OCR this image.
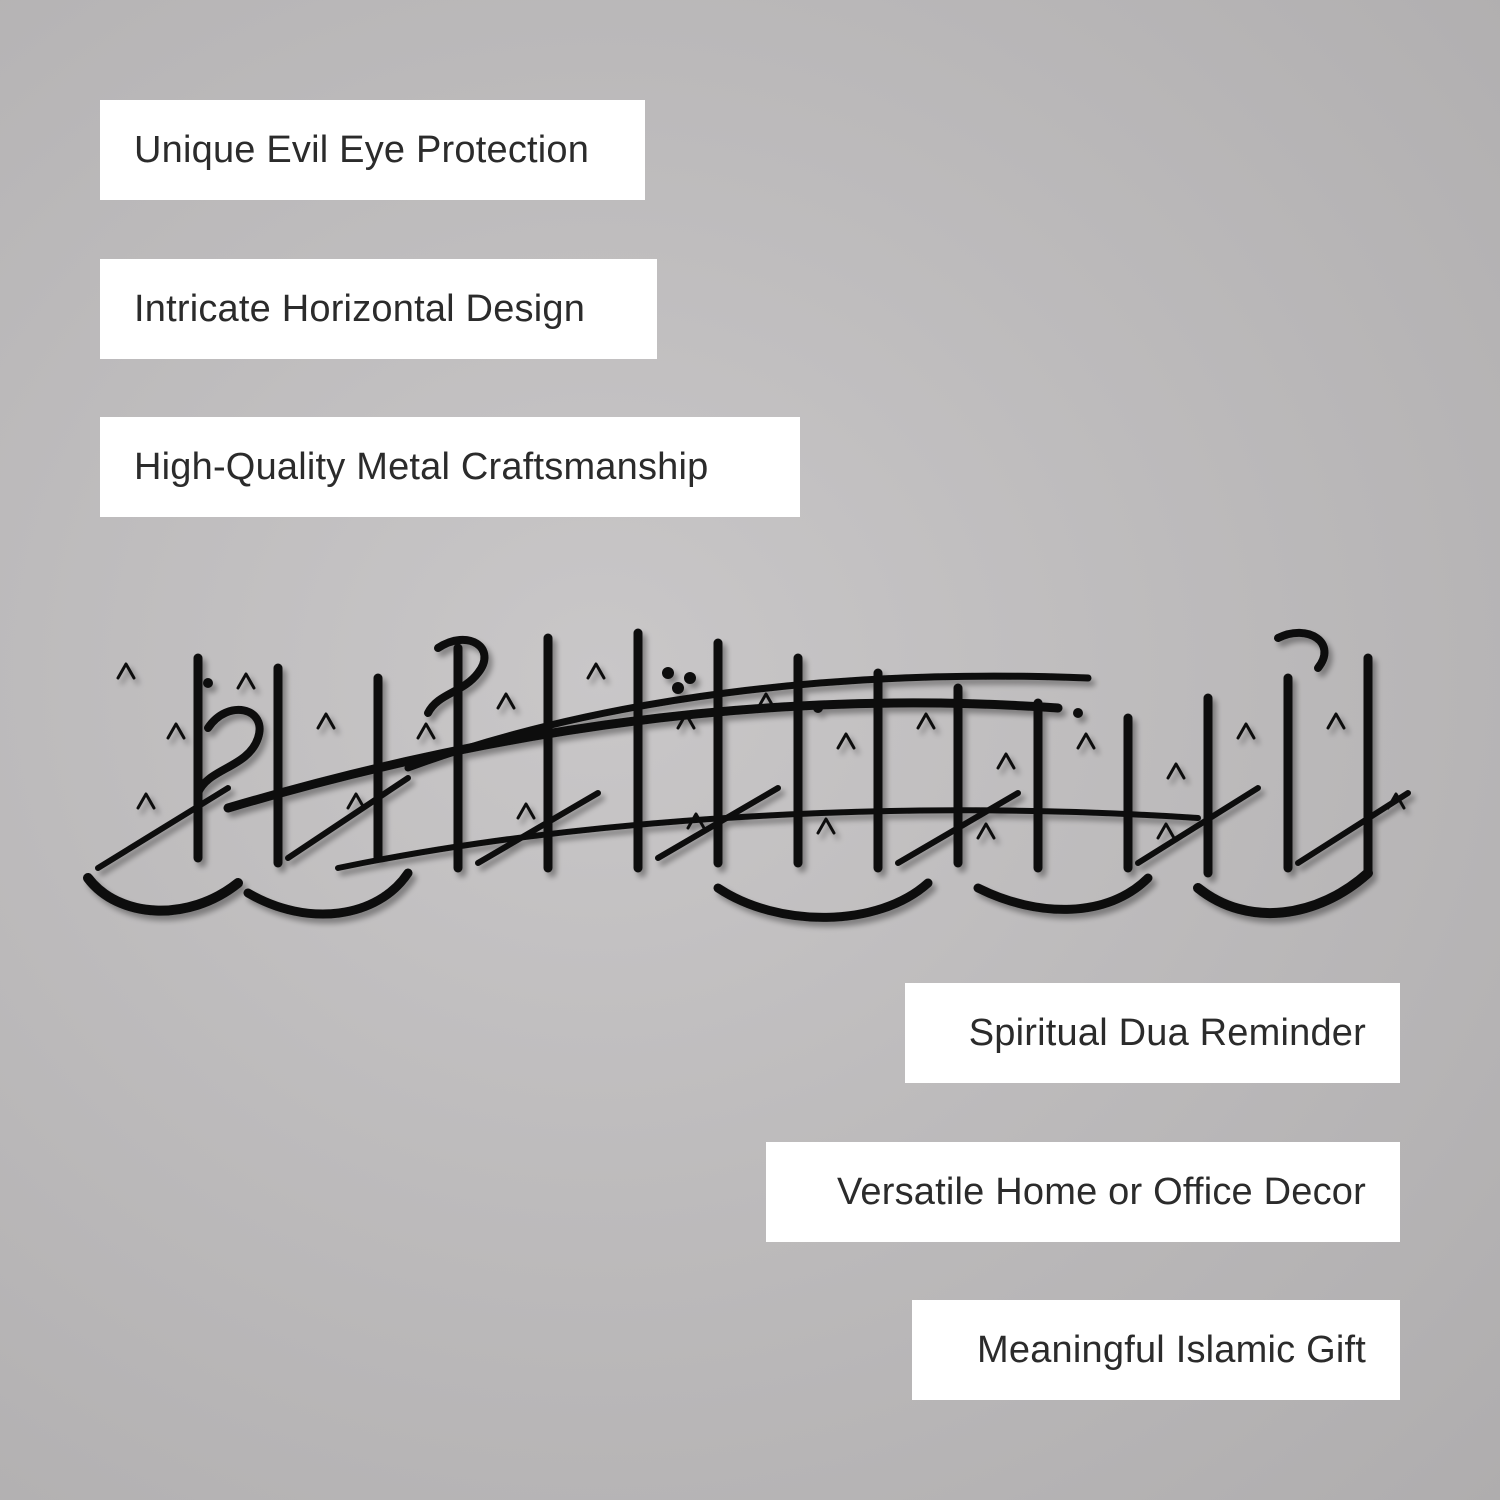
Unique Evil Eye Protection
Intricate Horizontal Design
High-Quality Metal Craftsmanship
Spiritual Dua Reminder
Versatile Home or Office Decor
Meaningful Islamic Gift
